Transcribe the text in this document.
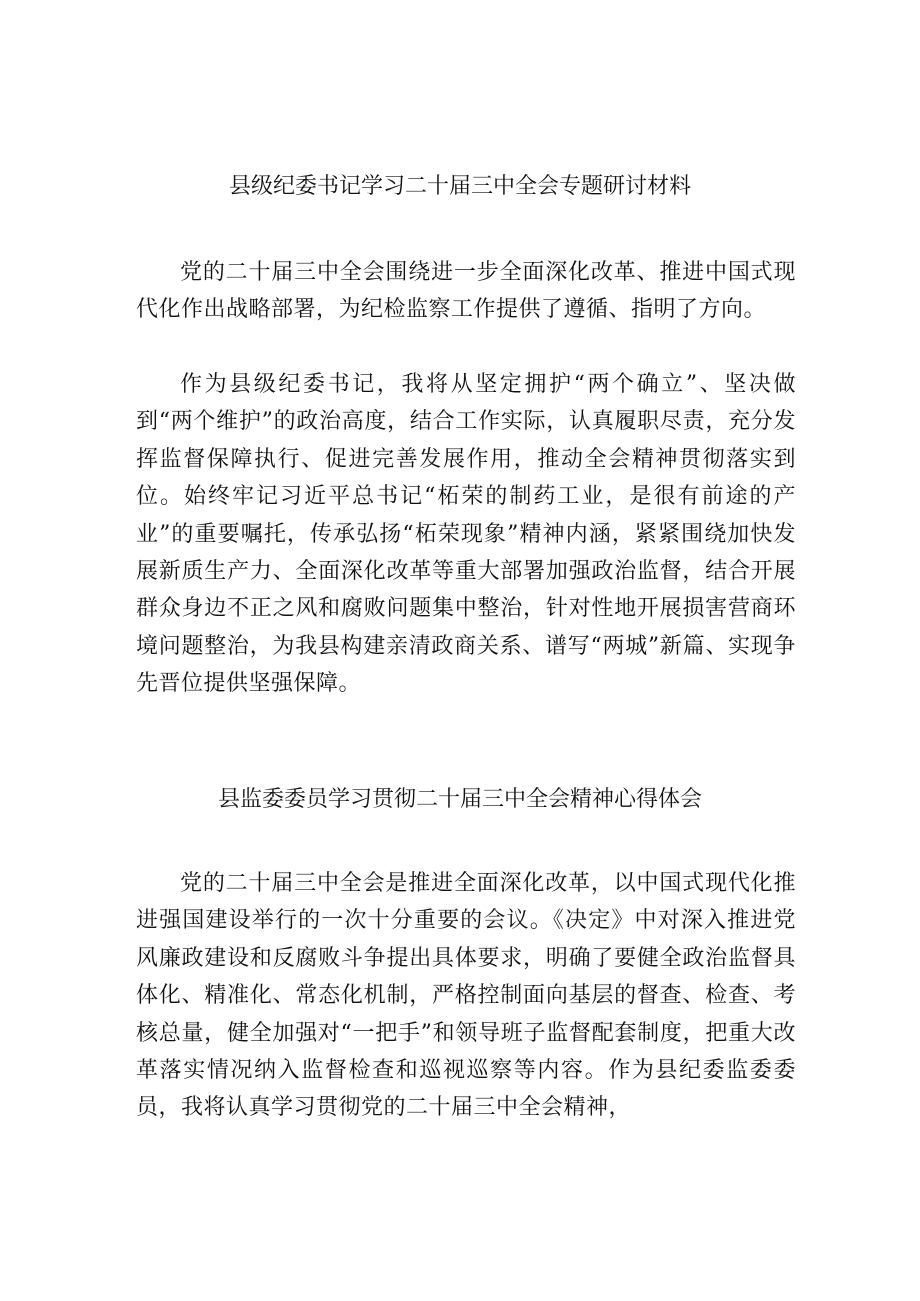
县级纪委书记学习二十届三中全会专题研讨材料

党的二十届三中全会围绕进一步全面深化改革、推进中国式现代化作出战略部署，为纪检监察工作提供了遵循、指明了方向。

作为县级纪委书记，我将从坚定拥护“两个确立”、坚决做到“两个维护”的政治高度，结合工作实际，认真履职尽责，充分发挥监督保障执行、促进完善发展作用，推动全会精神贯彻落实到位。始终牢记习近平总书记“柘荣的制药工业，是很有前途的产业”的重要嘱托，传承弘扬“柘荣现象”精神内涵，紧紧围绕加快发展新质生产力、全面深化改革等重大部署加强政治监督，结合开展群众身边不正之风和腐败问题集中整治，针对性地开展损害营商环境问题整治，为我县构建亲清政商关系、谱写“两城”新篇、实现争先晋位提供坚强保障。

县监委委员学习贯彻二十届三中全会精神心得体会

党的二十届三中全会是推进全面深化改革，以中国式现代化推进强国建设举行的一次十分重要的会议。《决定》中对深入推进党风廉政建设和反腐败斗争提出具体要求，明确了要健全政治监督具体化、精准化、常态化机制，严格控制面向基层的督查、检查、考核总量，健全加强对“一把手”和领导班子监督配套制度，把重大改革落实情况纳入监督检查和巡视巡察等内容。作为县纪委监委委员，我将认真学习贯彻党的二十届三中全会精神，
